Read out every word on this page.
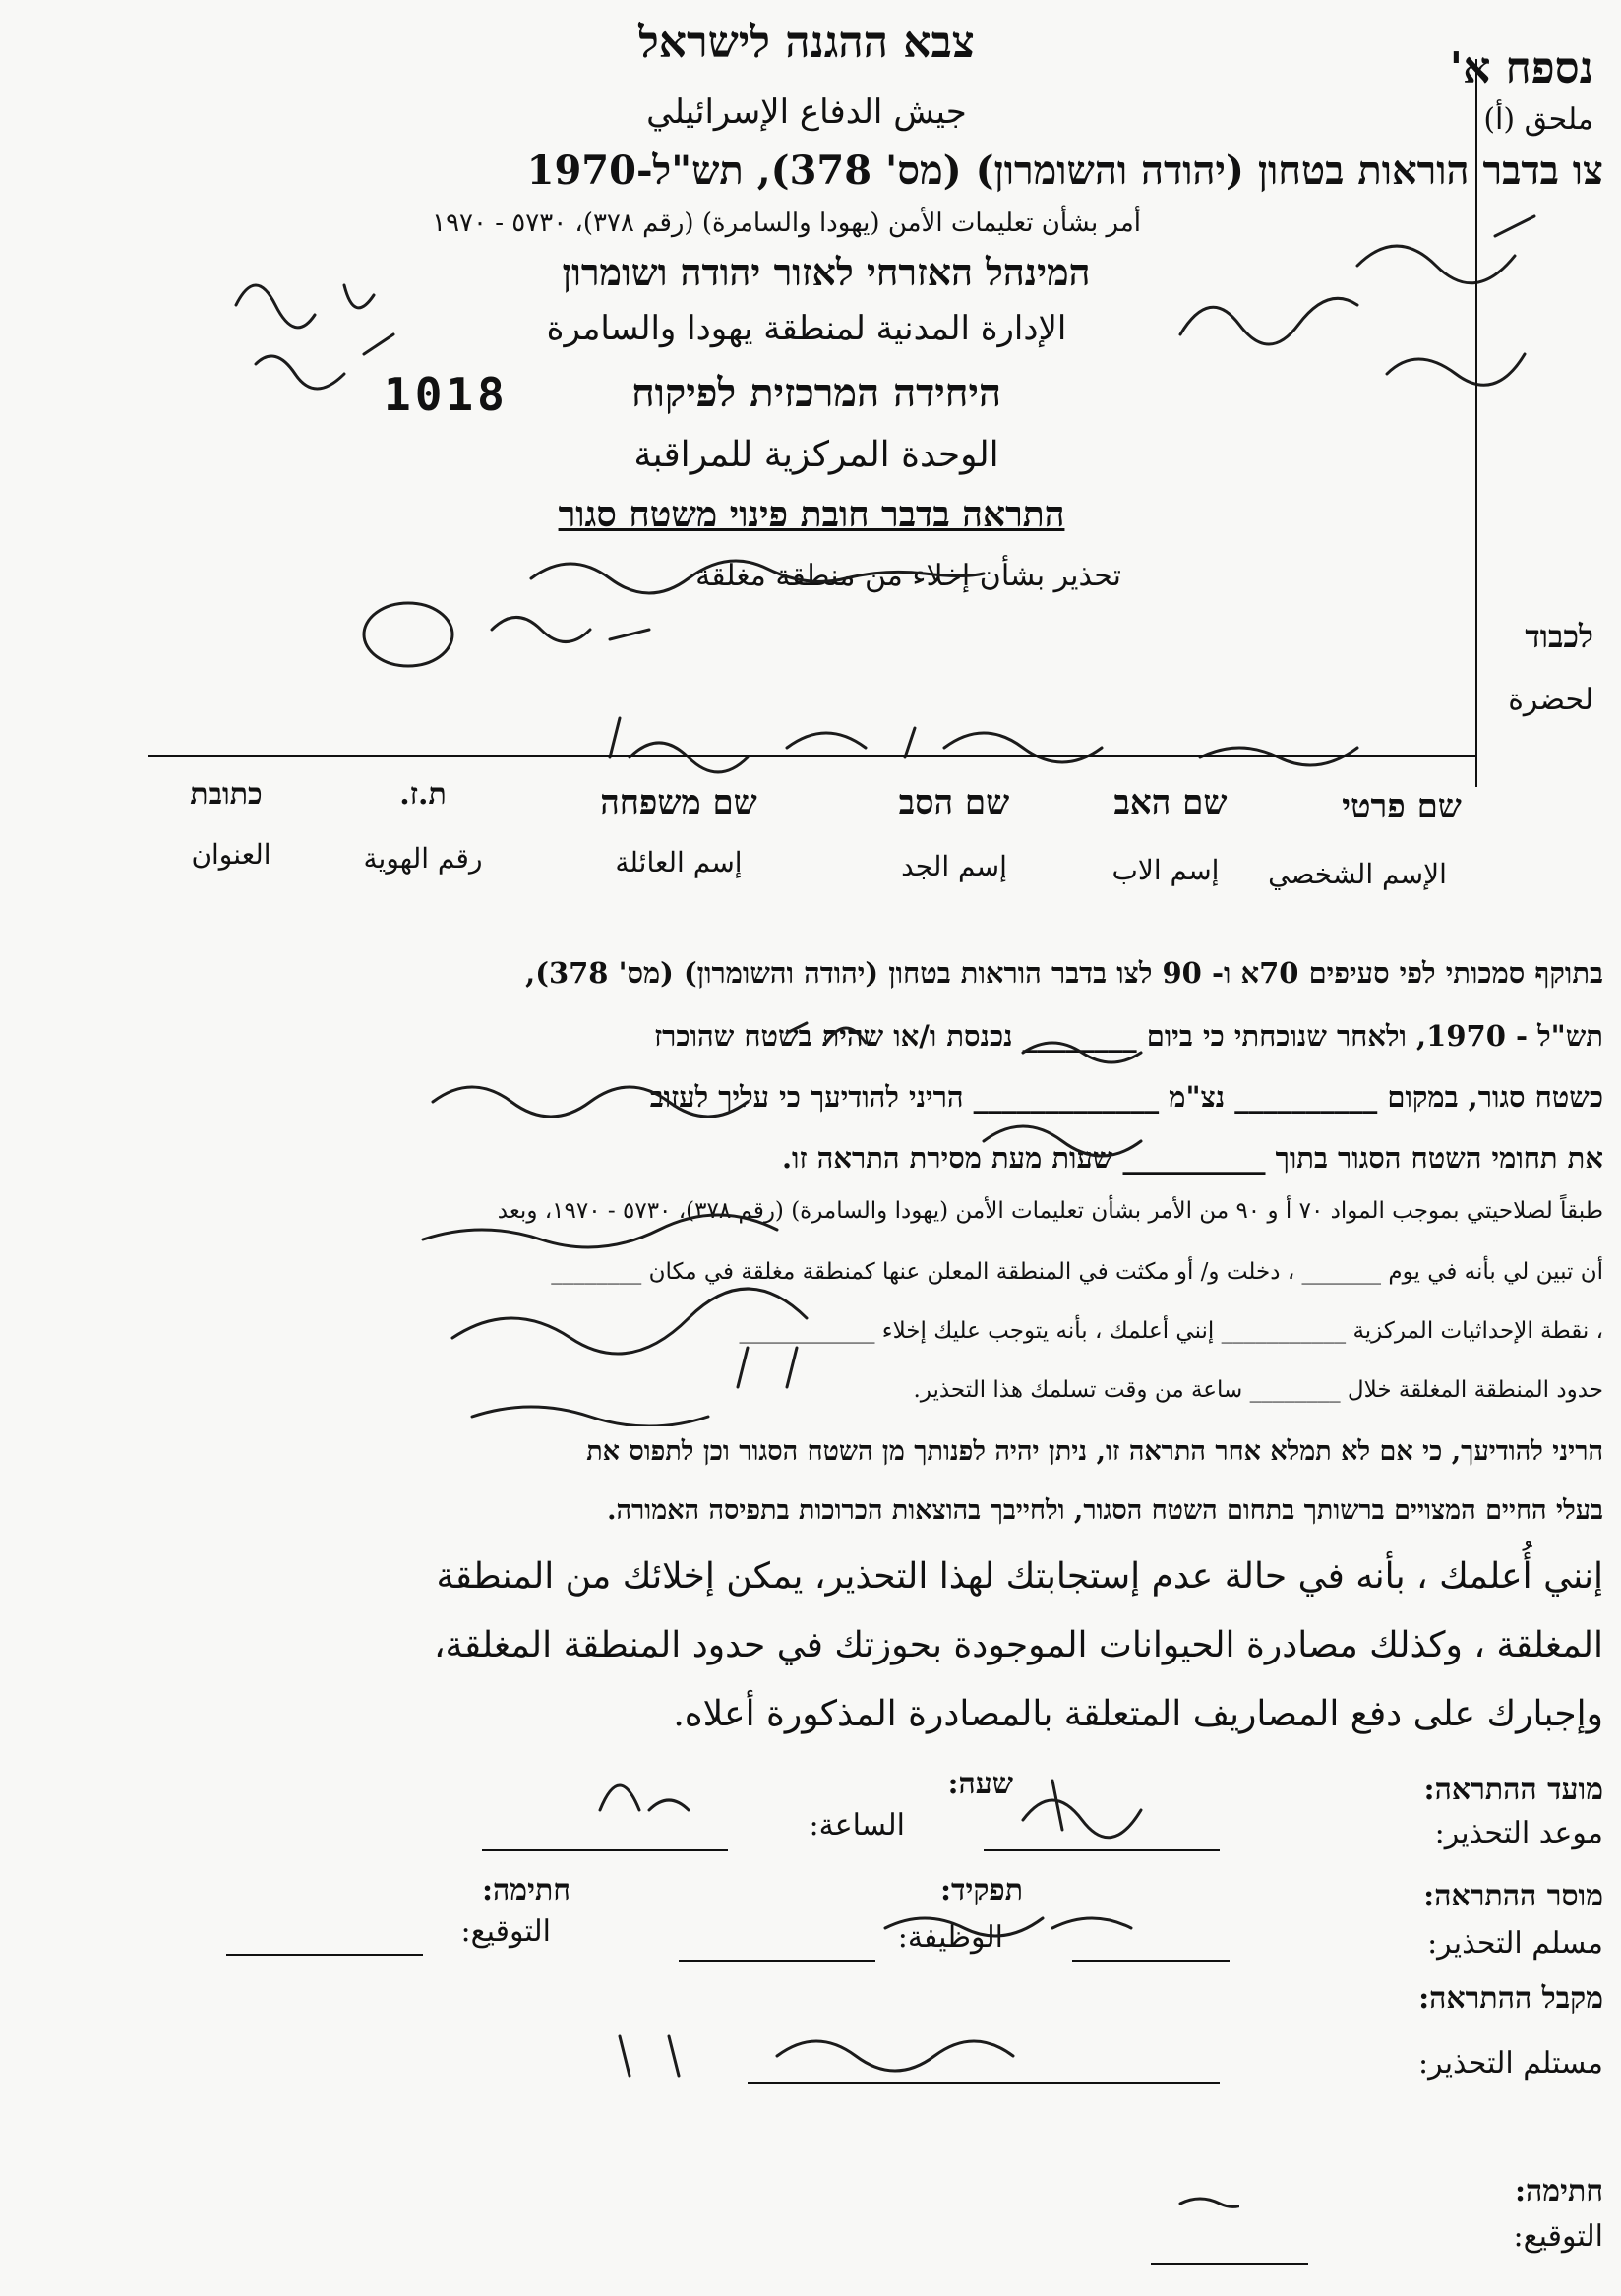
צבא ההגנה לישראל
נספח א'
ملحق (أ)
جيش الدفاع الإسرائيلي
צו בדבר הוראות בטחון (יהודה והשומרון) (מס' 378), תש"ל-1970
أمر بشأن تعليمات الأمن (يهودا والسامرة) (رقم ٣٧٨)، ٥٧٣٠ - ١٩٧٠
המינהל האזרחי לאזור יהודה ושומרון
الإدارة المدنية لمنطقة يهودا والسامرة
1018	היחידה המרכזית לפיקוח
الوحدة المركزية للمراقبة
התראה בדבר חובת פינוי משטח סגור
تحذير بشأن إخلاء من منطقة مغلقة
לכבוד
لحضرة
שם פרטי
שם האב
שם הסב
שם משפחה
ת.ז.
כתובת
الإسم الشخصي
إسم الاب
إسم الجد
إسم العائلة
رقم الهوية
العنوان
בתוקף סמכותי לפי סעיפים 70א ו- 90 לצו בדבר הוראות בטחון (יהודה והשומרון) (מס' 378),
תש"ל - 1970, ולאחר שנוכחתי כי ביום ________ נכנסת ו/או שהית בשטח שהוכרז
כשטח סגור, במקום __________ נצ"מ _____________ הריני להודיעך כי עליך לעזוב
את תחומי השטח הסגור בתוך __________ שעות מעת מסירת התראה זו.
طبقاً لصلاحيتي بموجب المواد ٧٠ أ و ٩٠ من الأمر بشأن تعليمات الأمن (يهودا والسامرة) (رقم ٣٧٨)، ٥٧٣٠ - ١٩٧٠، وبعد
أن تبين لي بأنه في يوم _______ ، دخلت و/ أو مكثت في المنطقة المعلن عنها كمنطقة مغلقة في مكان ________
، نقطة الإحداثيات المركزية ___________ إنني أعلمك ، بأنه يتوجب عليك إخلاء ____________
حدود المنطقة المغلقة خلال ________ ساعة من وقت تسلمك هذا التحذير.
הריני להודיעך, כי אם לא תמלא אחר התראה זו, ניתן יהיה לפנותך מן השטח הסגור וכן לתפוס את
בעלי החיים המצויים ברשותך בתחום השטח הסגור, ולחייבך בהוצאות הכרוכות בתפיסה האמורה.
إنني أُعلمك ، بأنه في حالة عدم إستجابتك لهذا التحذير، يمكن إخلائك من المنطقة
المغلقة ، وكذلك مصادرة الحيوانات الموجودة بحوزتك في حدود المنطقة المغلقة،
وإجبارك على دفع المصاريف المتعلقة بالمصادرة المذكورة أعلاه.
מועד ההתראה:
موعد التحذير:
שעה:
الساعة:
מוסר ההתראה:
مسلم التحذير:
תפקיד:
الوظيفة:
חתימה:
التوقيع:
מקבל ההתראה:
مستلم التحذير:
חתימה:
التوقيع:
